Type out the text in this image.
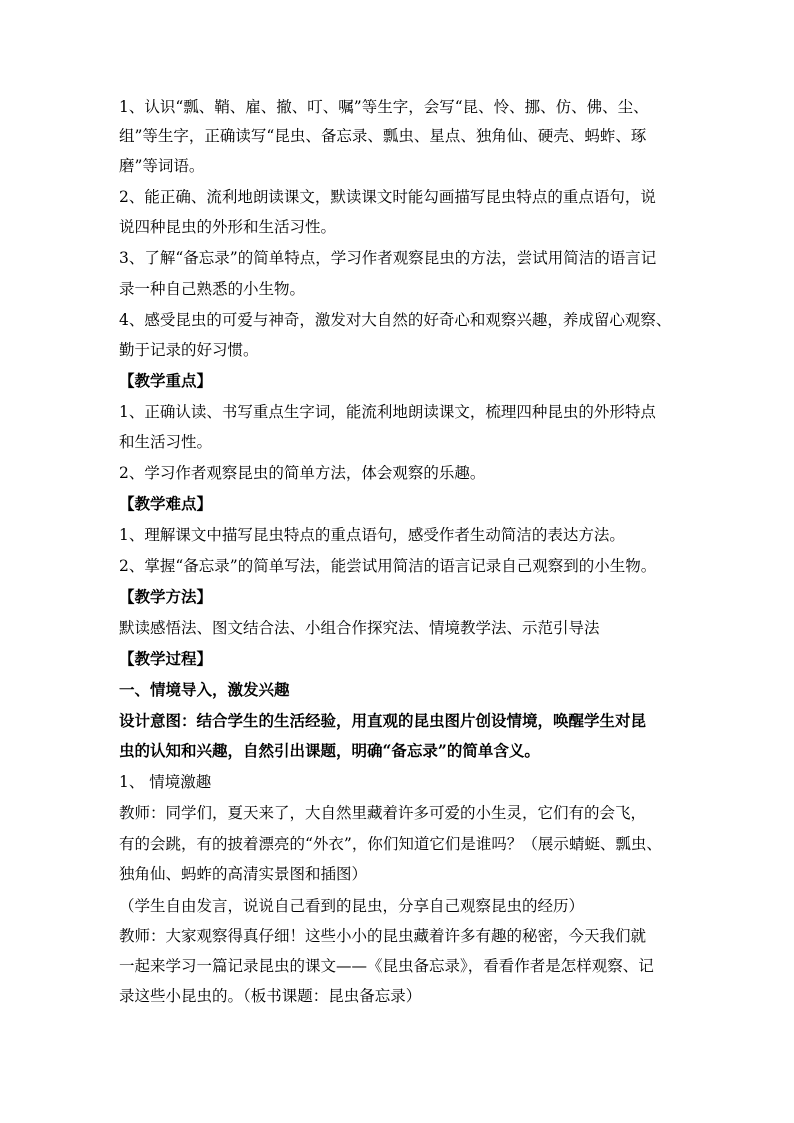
1、认识“瓢、鞘、雇、撤、叮、嘱”等生字，会写“昆、怜、挪、仿、佛、尘、
组”等生字，正确读写“昆虫、备忘录、瓢虫、星点、独角仙、硬壳、蚂蚱、琢
磨”等词语。
2、能正确、流利地朗读课文，默读课文时能勾画描写昆虫特点的重点语句，说
说四种昆虫的外形和生活习性。
3、了解“备忘录”的简单特点，学习作者观察昆虫的方法，尝试用简洁的语言记
录一种自己熟悉的小生物。
4、感受昆虫的可爱与神奇，激发对大自然的好奇心和观察兴趣，养成留心观察、
勤于记录的好习惯。
【教学重点】
1、正确认读、书写重点生字词，能流利地朗读课文，梳理四种昆虫的外形特点
和生活习性。
2、学习作者观察昆虫的简单方法，体会观察的乐趣。
【教学难点】
1、理解课文中描写昆虫特点的重点语句，感受作者生动简洁的表达方法。
2、掌握“备忘录”的简单写法，能尝试用简洁的语言记录自己观察到的小生物。
【教学方法】
默读感悟法、图文结合法、小组合作探究法、情境教学法、示范引导法
【教学过程】
一、情境导入，激发兴趣
设计意图：结合学生的生活经验，用直观的昆虫图片创设情境，唤醒学生对昆
虫的认知和兴趣，自然引出课题，明确“备忘录”的简单含义。
1、 情境激趣
教师：同学们，夏天来了，大自然里藏着许多可爱的小生灵，它们有的会飞，
有的会跳，有的披着漂亮的“外衣”，你们知道它们是谁吗？（展示蜻蜓、瓢虫、
独角仙、蚂蚱的高清实景图和插图）
（学生自由发言，说说自己看到的昆虫，分享自己观察昆虫的经历）
教师：大家观察得真仔细！这些小小的昆虫藏着许多有趣的秘密，今天我们就
一起来学习一篇记录昆虫的课文——《昆虫备忘录》，看看作者是怎样观察、记
录这些小昆虫的。（板书课题：昆虫备忘录）
